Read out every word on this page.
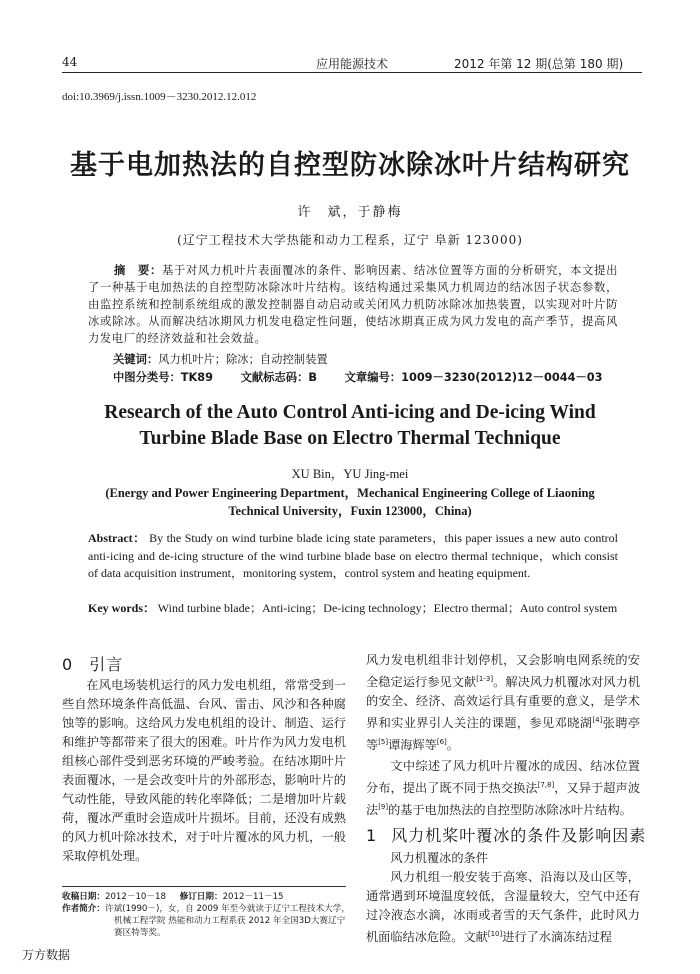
44	应用能源技术	2012 年第 12 期(总第 180 期)
doi:10.3969/j.issn.1009－3230.2012.12.012
基于电加热法的自控型防冰除冰叶片结构研究
许　斌，于静梅
(辽宁工程技术大学热能和动力工程系，辽宁 阜新 123000)
摘　要：基于对风力机叶片表面覆冰的条件、影响因素、结冰位置等方面的分析研究，本文提出了一种基于电加热法的自控型防冰除冰叶片结构。该结构通过采集风力机周边的结冰因子状态参数，由监控系统和控制系统组成的激发控制器自动启动或关闭风力机防冰除冰加热装置，以实现对叶片防冰或除冰。从而解决结冰期风力机发电稳定性问题，使结冰期真正成为风力发电的高产季节，提高风力发电厂的经济效益和社会效益。
关键词：风力机叶片；除冰；自动控制装置
中图分类号：TK89 文献标志码：B 文章编号：1009－3230(2012)12－0044－03
Research of the Auto Control Anti-icing and De-icing Wind
Turbine Blade Base on Electro Thermal Technique
XU Bin，YU Jing-mei
(Energy and Power Engineering Department，Mechanical Engineering College of Liaoning
Technical University，Fuxin 123000，China)
Abstract： By the Study on wind turbine blade icing state parameters，this paper issues a new auto control anti-icing and de-icing structure of the wind turbine blade base on electro thermal technique，which consist of data acquisition instrument，monitoring system，control system and heating equipment.
Key words： Wind turbine blade；Anti-icing；De-icing technology；Electro thermal；Auto control system
0 引言

在风电场装机运行的风力发电机组，常常受到一些自然环境条件高低温、台风、雷击、风沙和各种腐蚀等的影响。这给风力发电机组的设计、制造、运行和维护等都带来了很大的困难。叶片作为风力发电机组核心部件受到恶劣环境的严峻考验。在结冰期叶片表面覆冰，一是会改变叶片的外部形态，影响叶片的气动性能，导致风能的转化率降低；二是增加叶片载荷，覆冰严重时会造成叶片损坏。目前，还没有成熟的风力机叶除冰技术，对于叶片覆冰的风力机，一般采取停机处理。

风力发电机组非计划停机，又会影响电网系统的安全稳定运行参见文献[1-3]。解决风力机覆冰对风力机的安全、经济、高效运行具有重要的意义，是学术界和实业界引人关注的课题，参见邓晓湖[4]张聘亭等[5]谭海辉等[6]。

文中综述了风力机叶片覆冰的成因、结冰位置分布，提出了既不同于热交换法[7,8]，又异于超声波法[9]的基于电加热法的自控型防冰除冰叶片结构。

1 风力机桨叶覆冰的条件及影响因素
风力机覆冰的条件

风力机组一般安装于高寒、沿海以及山区等，通常遇到环境温度较低，含湿量较大，空气中还有过冷液态水滴，冰雨或者雪的天气条件，此时风力机面临结冰危险。文献[10]进行了水滴冻结过程

收稿日期：2012－10－18 修订日期：2012－11－15
作者简介：许斌(1990－)，女，自 2009 年至今就读于辽宁工程技术大学，机械工程学院 热能和动力工程系获 2012 年全国3D大赛辽宁赛区特等奖。
万方数据
